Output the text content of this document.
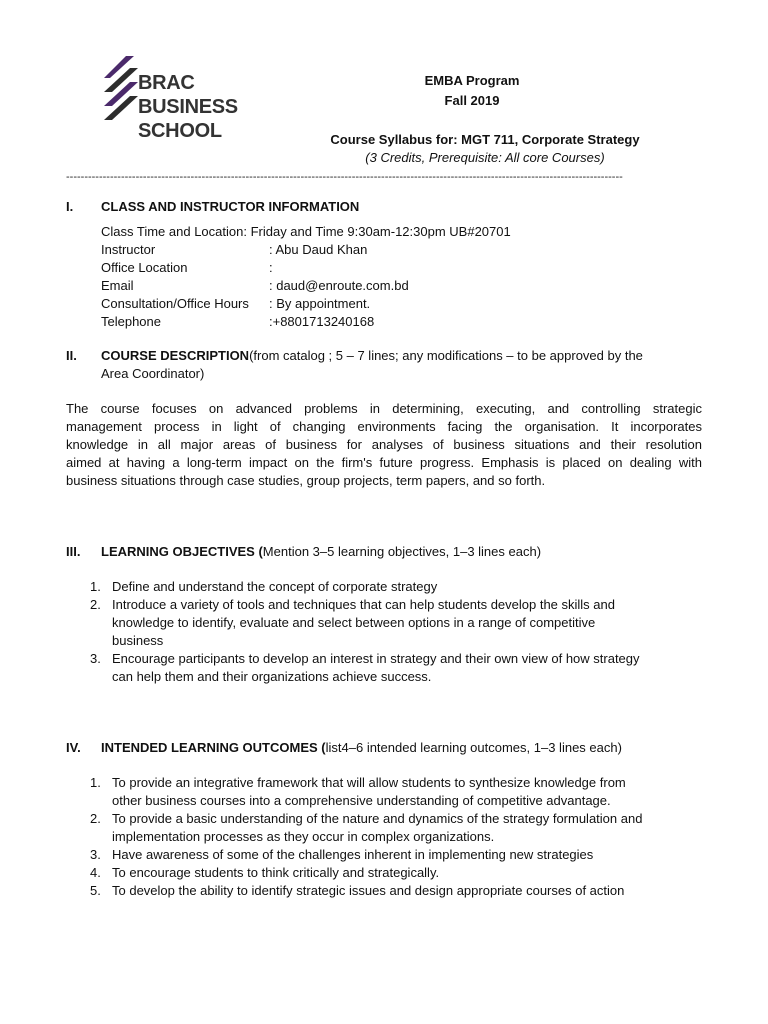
BRAC
BUSINESS
SCHOOL
EMBA Program
Fall 2019
Course Syllabus for: MGT 711, Corporate Strategy
(3 Credits, Prerequisite: All core Courses)
--------------------------------------------------------------------------------------------------------------------------------------------------------
I.	CLASS AND INSTRUCTOR INFORMATION
Class Time and Location: Friday and Time 9:30am-12:30pm UB#20701
Instructor	: Abu Daud Khan
Office Location	:
Email	: daud@enroute.com.bd
Consultation/Office Hours : By appointment.
Telephone	:+8801713240168
II.	COURSE DESCRIPTION(from catalog ; 5 – 7 lines; any modifications – to be approved by the
Area Coordinator)
The course focuses on advanced problems in determining, executing, and controlling strategic
management process in light of changing environments facing the organisation. It incorporates
knowledge in all major areas of business for analyses of business situations and their resolution
aimed at having a long-term impact on the firm's future progress. Emphasis is placed on dealing with
business situations through case studies, group projects, term papers, and so forth.
III.	LEARNING OBJECTIVES (Mention 3–5 learning objectives, 1–3 lines each)
1. Define and understand the concept of corporate strategy
2. Introduce a variety of tools and techniques that can help students develop the skills and
knowledge to identify, evaluate and select between options in a range of competitive
business
3. Encourage participants to develop an interest in strategy and their own view of how strategy
can help them and their organizations achieve success.
IV.	INTENDED LEARNING OUTCOMES (list4–6 intended learning outcomes, 1–3 lines each)
1. To provide an integrative framework that will allow students to synthesize knowledge from
other business courses into a comprehensive understanding of competitive advantage.
2. To provide a basic understanding of the nature and dynamics of the strategy formulation and
implementation processes as they occur in complex organizations.
3. Have awareness of some of the challenges inherent in implementing new strategies
4. To encourage students to think critically and strategically.
5. To develop the ability to identify strategic issues and design appropriate courses of action
